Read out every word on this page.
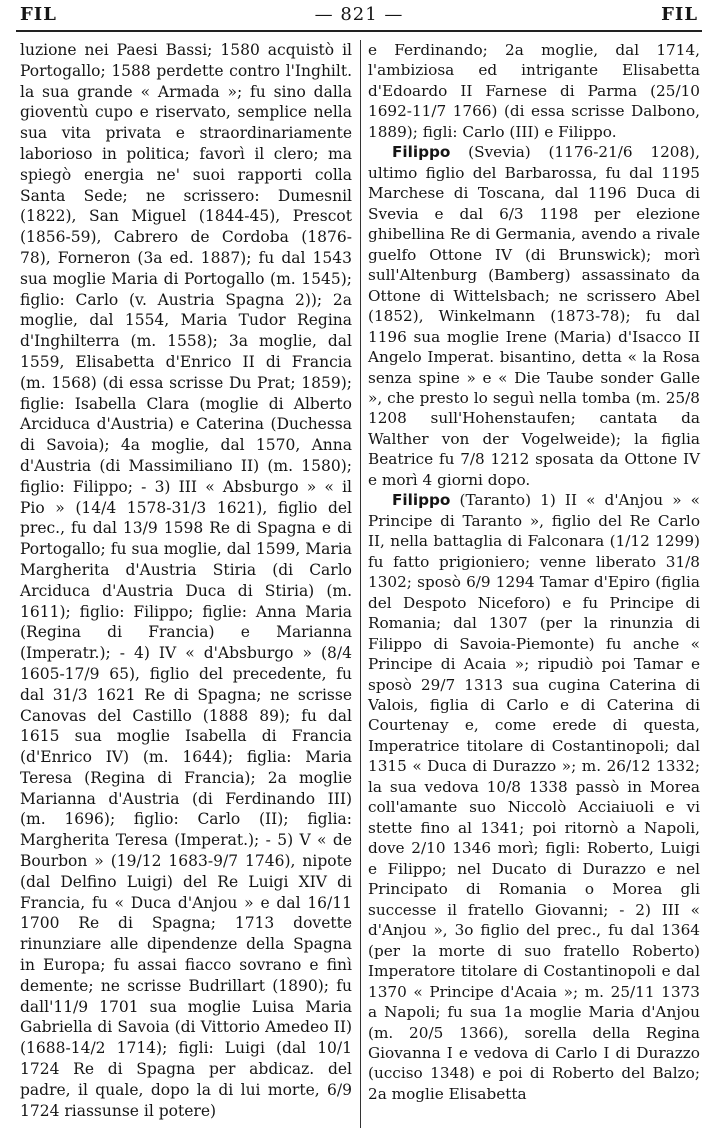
FIL	— 821 —	FIL

luzione nei Paesi Bassi; 1580 acquistò il Portogallo; 1588 perdette contro l'Inghilt. la sua grande « Armada »; fu sino dalla gioventù cupo e riservato, semplice nella sua vita privata e straordinariamente laborioso in politica; favorì il clero; ma spiegò energia ne' suoi rapporti colla Santa Sede; ne scrissero: Dumesnil (1822), San Miguel (1844-45), Prescot (1856-59), Cabrero de Cordoba (1876-78), Forneron (3a ed. 1887); fu dal 1543 sua moglie Maria di Portogallo (m. 1545); figlio: Carlo (v. Austria Spagna 2)); 2a moglie, dal 1554, Maria Tudor Regina d'Inghilterra (m. 1558); 3a moglie, dal 1559, Elisabetta d'Enrico II di Francia (m. 1568) (di essa scrisse Du Prat; 1859); figlie: Isabella Clara (moglie di Alberto Arciduca d'Austria) e Caterina (Duchessa di Savoia); 4a moglie, dal 1570, Anna d'Austria (di Massimiliano II) (m. 1580); figlio: Filippo; - 3) III « Absburgo » « il Pio » (14/4 1578-31/3 1621), figlio del prec., fu dal 13/9 1598 Re di Spagna e di Portogallo; fu sua moglie, dal 1599, Maria Margherita d'Austria Stiria (di Carlo Arciduca d'Austria Duca di Stiria) (m. 1611); figlio: Filippo; figlie: Anna Maria (Regina di Francia) e Marianna (Imperatr.); - 4) IV « d'Absburgo » (8/4 1605-17/9 65), figlio del precedente, fu dal 31/3 1621 Re di Spagna; ne scrisse Canovas del Castillo (1888 89); fu dal 1615 sua moglie Isabella di Francia (d'Enrico IV) (m. 1644); figlia: Maria Teresa (Regina di Francia); 2a moglie Marianna d'Austria (di Ferdinando III) (m. 1696); figlio: Carlo (II); figlia: Margherita Teresa (Imperat.); - 5) V « de Bourbon » (19/12 1683-9/7 1746), nipote (dal Delfino Luigi) del Re Luigi XIV di Francia, fu « Duca d'Anjou » e dal 16/11 1700 Re di Spagna; 1713 dovette rinunziare alle dipendenze della Spagna in Europa; fu assai fiacco sovrano e finì demente; ne scrisse Budrillart (1890); fu dall'11/9 1701 sua moglie Luisa Maria Gabriella di Savoia (di Vittorio Amedeo II) (1688-14/2 1714); figli: Luigi (dal 10/1 1724 Re di Spagna per abdicaz. del padre, il quale, dopo la di lui morte, 6/9 1724 riassunse il potere)

e Ferdinando; 2a moglie, dal 1714, l'ambiziosa ed intrigante Elisabetta d'Edoardo II Farnese di Parma (25/10 1692-11/7 1766) (di essa scrisse Dalbono, 1889); figli: Carlo (III) e Filippo.

Filippo (Svevia) (1176-21/6 1208), ultimo figlio del Barbarossa, fu dal 1195 Marchese di Toscana, dal 1196 Duca di Svevia e dal 6/3 1198 per elezione ghibellina Re di Germania, avendo a rivale guelfo Ottone IV (di Brunswick); morì sull'Altenburg (Bamberg) assassinato da Ottone di Wittelsbach; ne scrissero Abel (1852), Winkelmann (1873-78); fu dal 1196 sua moglie Irene (Maria) d'Isacco II Angelo Imperat. bisantino, detta « la Rosa senza spine » e « Die Taube sonder Galle », che presto lo seguì nella tomba (m. 25/8 1208 sull'Hohenstaufen; cantata da Walther von der Vogelweide); la figlia Beatrice fu 7/8 1212 sposata da Ottone IV e morì 4 giorni dopo.

Filippo (Taranto) 1) II « d'Anjou » « Principe di Taranto », figlio del Re Carlo II, nella battaglia di Falconara (1/12 1299) fu fatto prigioniero; venne liberato 31/8 1302; sposò 6/9 1294 Tamar d'Epiro (figlia del Despoto Niceforo) e fu Principe di Romania; dal 1307 (per la rinunzia di Filippo di Savoia-Piemonte) fu anche « Principe di Acaia »; ripudiò poi Tamar e sposò 29/7 1313 sua cugina Caterina di Valois, figlia di Carlo e di Caterina di Courtenay e, come erede di questa, Imperatrice titolare di Costantinopoli; dal 1315 « Duca di Durazzo »; m. 26/12 1332; la sua vedova 10/8 1338 passò in Morea coll'amante suo Niccolò Acciaiuoli e vi stette fino al 1341; poi ritornò a Napoli, dove 2/10 1346 morì; figli: Roberto, Luigi e Filippo; nel Ducato di Durazzo e nel Principato di Romania o Morea gli successe il fratello Giovanni; - 2) III « d'Anjou », 3o figlio del prec., fu dal 1364 (per la morte di suo fratello Roberto) Imperatore titolare di Costantinopoli e dal 1370 « Principe d'Acaia »; m. 25/11 1373 a Napoli; fu sua 1a moglie Maria d'Anjou (m. 20/5 1366), sorella della Regina Giovanna I e vedova di Carlo I di Durazzo (ucciso 1348) e poi di Roberto del Balzo; 2a moglie Elisabetta
